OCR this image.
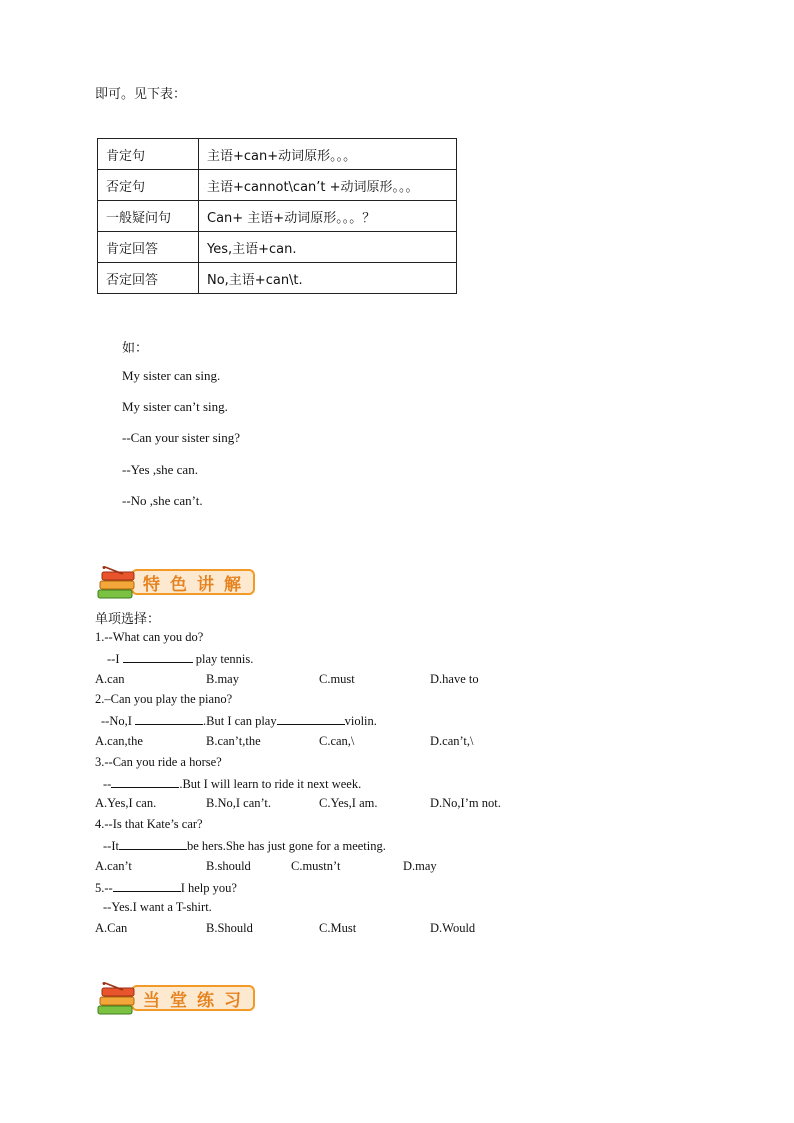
即可。见下表：
肯定句	主语+can+动词原形。。。
否定句	主语+cannot\can’t +动词原形。。。
一般疑问句	Can+ 主语+动词原形。。。？
肯定回答	Yes,主语+can.
否定回答	No,主语+can\t.
如：
My sister can sing.
My sister can’t sing.
--Can your sister sing?
--Yes ,she can.
--No ,she can’t.
特色讲解
单项选择：
1.--What can you do?
--I	play tennis.
A.can	B.may	C.must	D.have to
2.–Can you play the piano?
--No,I	.But I can play	violin.
A.can,the	B.can’t,the	C.can,\	D.can’t,\
3.--Can you ride a horse?
--	.But I will learn to ride it next week.
A.Yes,I can.	B.No,I can’t.	C.Yes,I am.	D.No,I’m not.
4.--Is that Kate’s car?
--It	be hers.She has just gone for a meeting.
A.can’t	B.should	C.mustn’t	D.may
5.--	I help you?
--Yes.I want a T-shirt.
A.Can	B.Should	C.Must	D.Would
当堂练习
